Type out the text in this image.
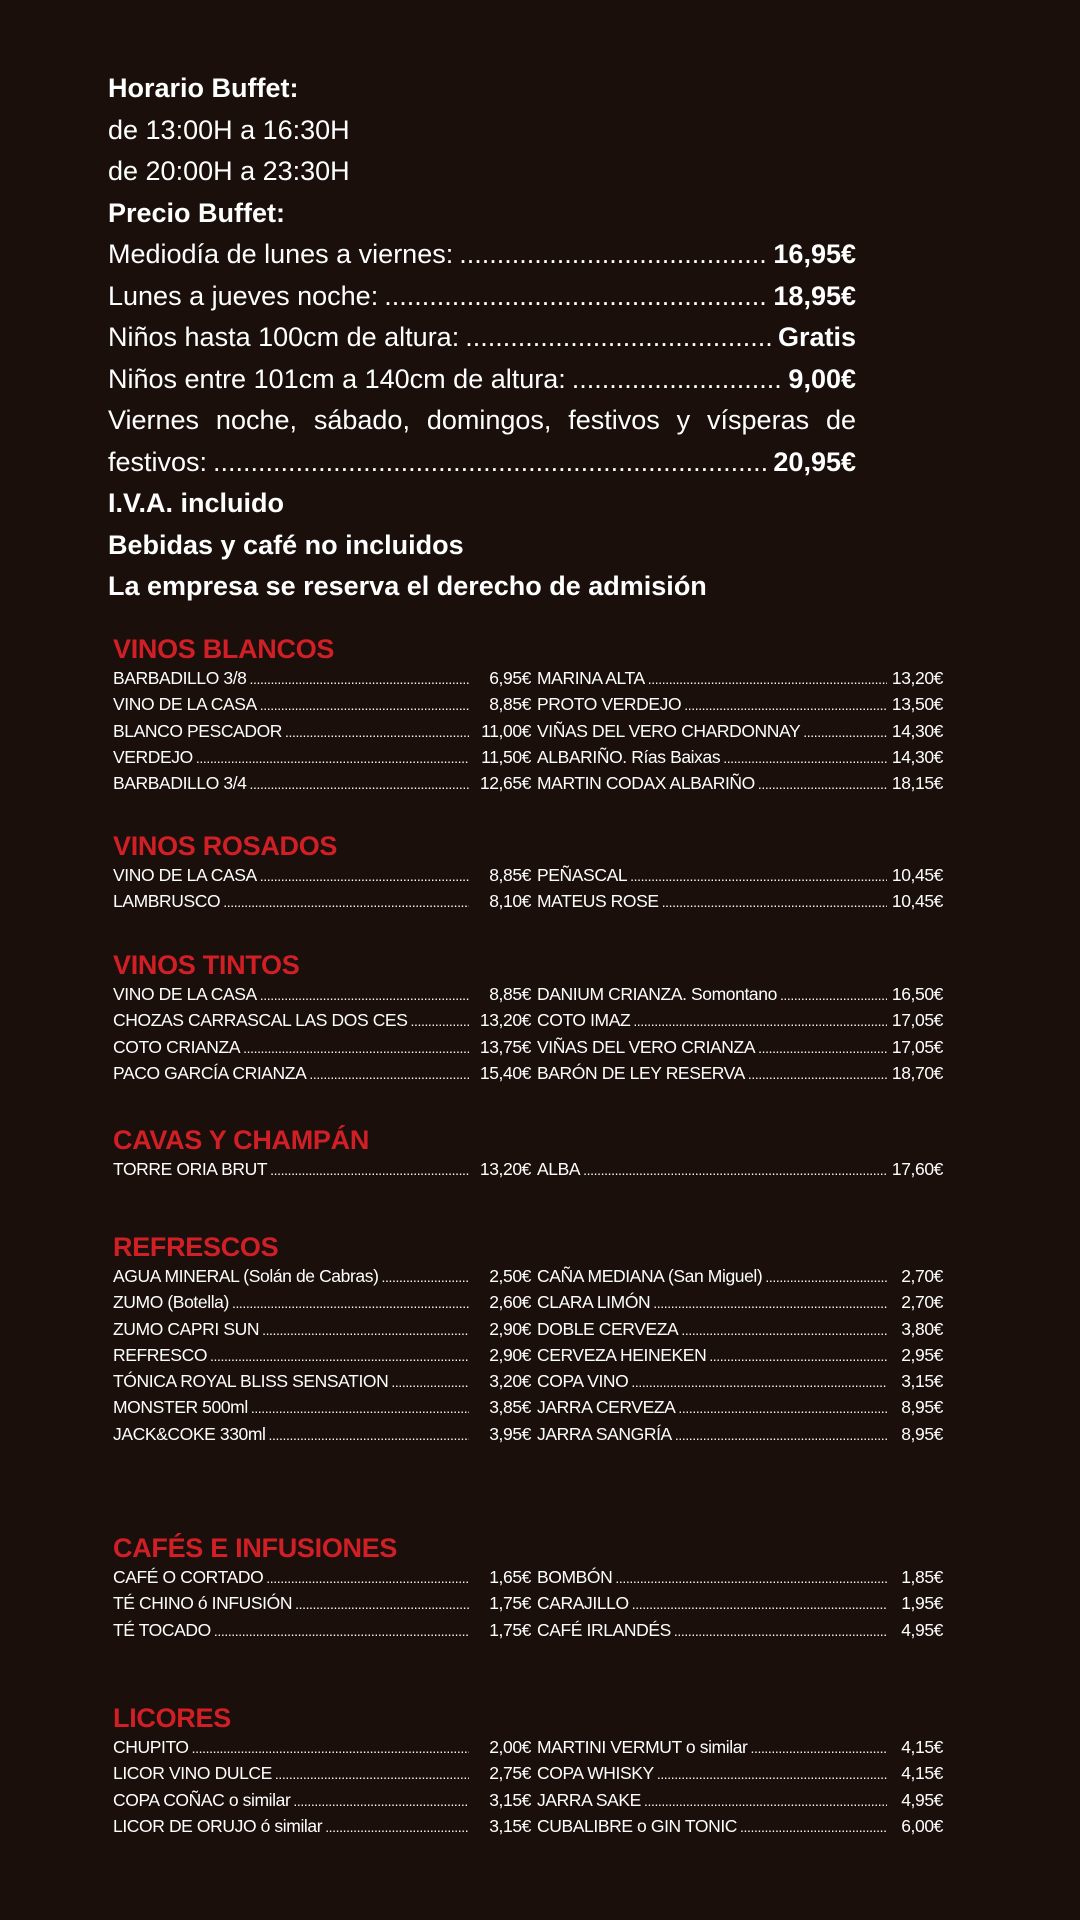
Horario Buffet:
de 13:00H a 16:30H
de 20:00H a 23:30H
Precio Buffet:
Mediodía de lunes a viernes: .....	16,95€
Lunes a jueves noche: .....	18,95€
Niños hasta 100cm de altura: .....	Gratis
Niños entre 101cm a 140cm de altura: .....	9,00€
Viernes noche, sábado, domingos, festivos y vísperas de
festivos: .....	20,95€
I.V.A. incluido
Bebidas y café no incluidos
La empresa se reserva el derecho de admisión
VINOS BLANCOS
BARBADILLO 3/8 .....	6,95€
VINO DE LA CASA .....	8,85€
BLANCO PESCADOR .....	11,00€
VERDEJO .....	11,50€
BARBADILLO 3/4 .....	12,65€
MARINA ALTA .....	13,20€
PROTO VERDEJO .....	13,50€
VIÑAS DEL VERO CHARDONNAY .....	14,30€
ALBARIÑO. Rías Baixas .....	14,30€
MARTIN CODAX ALBARIÑO .....	18,15€
VINOS ROSADOS
VINO DE LA CASA .....	8,85€
LAMBRUSCO .....	8,10€
PEÑASCAL .....	10,45€
MATEUS ROSE .....	10,45€
VINOS TINTOS
VINO DE LA CASA .....	8,85€
CHOZAS CARRASCAL LAS DOS CES .....	13,20€
COTO CRIANZA .....	13,75€
PACO GARCÍA CRIANZA .....	15,40€
DANIUM CRIANZA. Somontano .....	16,50€
COTO IMAZ .....	17,05€
VIÑAS DEL VERO CRIANZA .....	17,05€
BARÓN DE LEY RESERVA .....	18,70€
CAVAS Y CHAMPÁN
TORRE ORIA BRUT .....	13,20€ ALBA .....	17,60€
REFRESCOS
AGUA MINERAL (Solán de Cabras) .....	2,50€
ZUMO (Botella) .....	2,60€
ZUMO CAPRI SUN .....	2,90€
REFRESCO .....	2,90€
TÓNICA ROYAL BLISS SENSATION .....	3,20€
MONSTER 500ml .....	3,85€
JACK&COKE 330ml .....	3,95€
CAÑA MEDIANA (San Miguel) .....	2,70€
CLARA LIMÓN .....	2,70€
DOBLE CERVEZA .....	3,80€
CERVEZA HEINEKEN .....	2,95€
COPA VINO .....	3,15€
JARRA CERVEZA .....	8,95€
JARRA SANGRÍA .....	8,95€
CAFÉS E INFUSIONES
CAFÉ O CORTADO .....	1,65€
TÉ CHINO ó INFUSIÓN .....	1,75€
TÉ TOCADO .....	1,75€
BOMBÓN .....	1,85€
CARAJILLO .....	1,95€
CAFÉ IRLANDÉS .....	4,95€
LICORES
CHUPITO .....	2,00€
LICOR VINO DULCE .....	2,75€
COPA COÑAC o similar .....	3,15€
LICOR DE ORUJO ó similar .....	3,15€
MARTINI VERMUT o similar .....	4,15€
COPA WHISKY .....	4,15€
JARRA SAKE .....	4,95€
CUBALIBRE o GIN TONIC .....	6,00€
